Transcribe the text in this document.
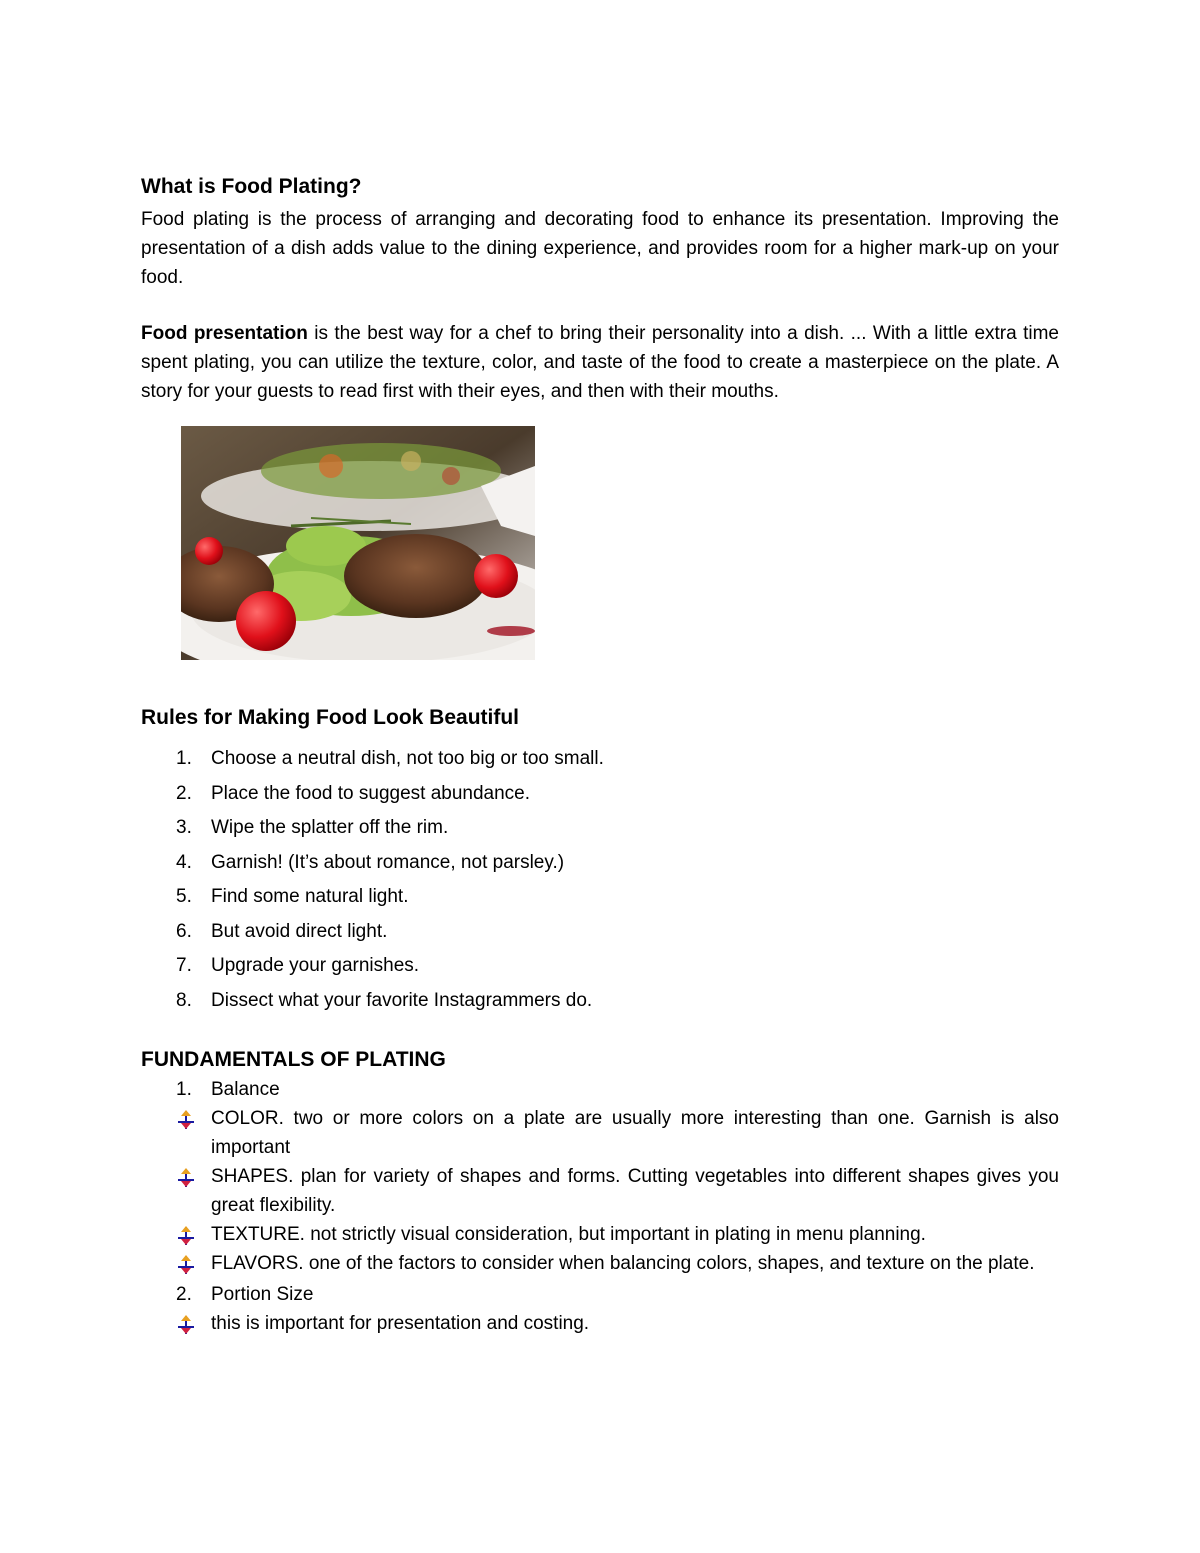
What is Food Plating?

Food plating is the process of arranging and decorating food to enhance its presentation. Improving the presentation of a dish adds value to the dining experience, and provides room for a higher mark-up on your food.

Food presentation is the best way for a chef to bring their personality into a dish. ... With a little extra time spent plating, you can utilize the texture, color, and taste of the food to create a masterpiece on the plate. A story for your guests to read first with their eyes, and then with their mouths.

Rules for Making Food Look Beautiful
1. Choose a neutral dish, not too big or too small.
2. Place the food to suggest abundance.
3. Wipe the splatter off the rim.
4. Garnish! (It’s about romance, not parsley.)
5. Find some natural light.
6. But avoid direct light.
7. Upgrade your garnishes.
8. Dissect what your favorite Instagrammers do.
FUNDAMENTALS OF PLATING
1. Balance
COLOR. two or more colors on a plate are usually more interesting than one. Garnish is also important
SHAPES. plan for variety of shapes and forms. Cutting vegetables into different shapes gives you great flexibility.
TEXTURE. not strictly visual consideration, but important in plating in menu planning.
FLAVORS. one of the factors to consider when balancing colors, shapes, and texture on the plate.
2. Portion Size
this is important for presentation and costing.
